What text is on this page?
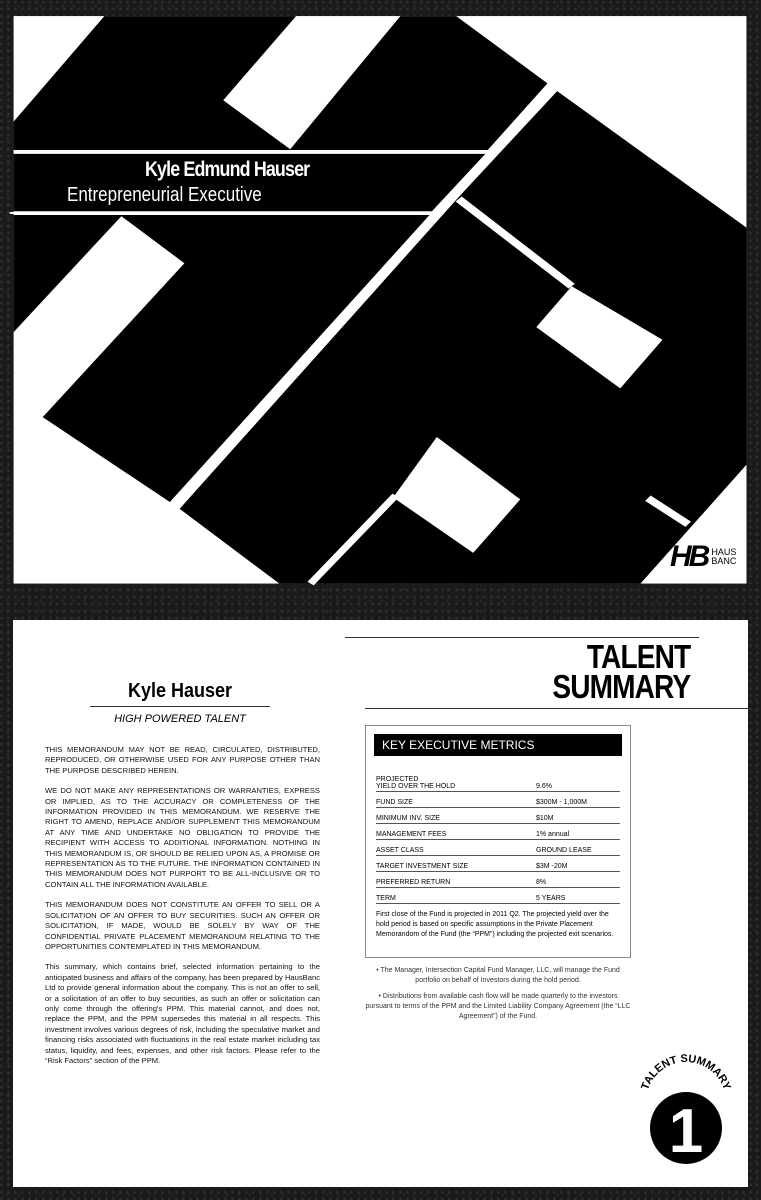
Kyle Edmund Hauser
Entrepreneurial Executive
HB HAUS
BANC
TALENT
SUMMARY
Kyle Hauser
HIGH POWERED TALENT

THIS MEMORANDUM MAY NOT BE READ, CIRCULATED, DISTRIBUTED, REPRODUCED, OR OTHERWISE USED FOR ANY PURPOSE OTHER THAN THE PURPOSE DESCRIBED HEREIN.

WE DO NOT MAKE ANY REPRESENTATIONS OR WARRANTIES, EXPRESS OR IMPLIED, AS TO THE ACCURACY OR COMPLETENESS OF THE INFORMATION PROVIDED IN THIS MEMORANDUM. WE RESERVE THE RIGHT TO AMEND, REPLACE AND/OR SUPPLEMENT THIS MEMORANDUM AT ANY TIME AND UNDERTAKE NO OBLIGATION TO PROVIDE THE RECIPIENT WITH ACCESS TO ADDITIONAL INFORMATION. NOTHING IN THIS MEMORANDUM IS, OR SHOULD BE RELIED UPON AS, A PROMISE OR REPRESENTATION AS TO THE FUTURE. THE INFORMATION CONTAINED IN THIS MEMORANDUM DOES NOT PURPORT TO BE ALL-INCLUSIVE OR TO CONTAIN ALL THE INFORMATION AVAILABLE.

THIS MEMORANDUM DOES NOT CONSTITUTE AN OFFER TO SELL OR A SOLICITATION OF AN OFFER TO BUY SECURITIES. SUCH AN OFFER OR SOLICITATION, IF MADE, WOULD BE SOLELY BY WAY OF THE CONFIDENTIAL PRIVATE PLACEMENT MEMORANDUM RELATING TO THE OPPORTUNITIES CONTEMPLATED IN THIS MEMORANDUM.

This summary, which contains brief, selected information pertaining to the anticipated business and affairs of the company, has been prepared by HausBanc Ltd to provide general information about the company. This is not an offer to sell, or a solicitation of an offer to buy securities, as such an offer or solicitation can only come through the offering's PPM. This material cannot, and does not, replace the PPM, and the PPM supersedes this material in all respects. This investment involves various degrees of risk, including the speculative market and financing risks associated with fluctuations in the real estate market including tax status, liquidity, and fees, expenses, and other risk factors. Please refer to the “Risk Factors” section of the PPM.

KEY EXECUTIVE METRICS
PROJECTED
YIELD OVER THE HOLD	9.6%
FUND SIZE	$300M - 1,000M
MINIMUM INV. SIZE	$10M
MANAGEMENT FEES	1% annual
ASSET CLASS	GROUND LEASE
TARGET INVESTMENT SIZE	$3M -20M
PREFERRED RETURN	8%
TERM	5 YEARS
First close of the Fund is projected in 2011 Q2. The projected yield over the hold period is based on specific assumptions in the Private Placement Memorandom of the Fund (the “PPM”) including the projected exit scenarios.

• The Manager, Intersection Capital Fund Manager, LLC, will manage the Fund portfolio on behalf of Investors during the hold period.

• Distributions from available cash flow will be made quarterly to the investors pursuant to terms of the PPM and the Limited Liability Company Agreement (the “LLC Agreement”) of the Fund.

TALENT SUMMARY
1
